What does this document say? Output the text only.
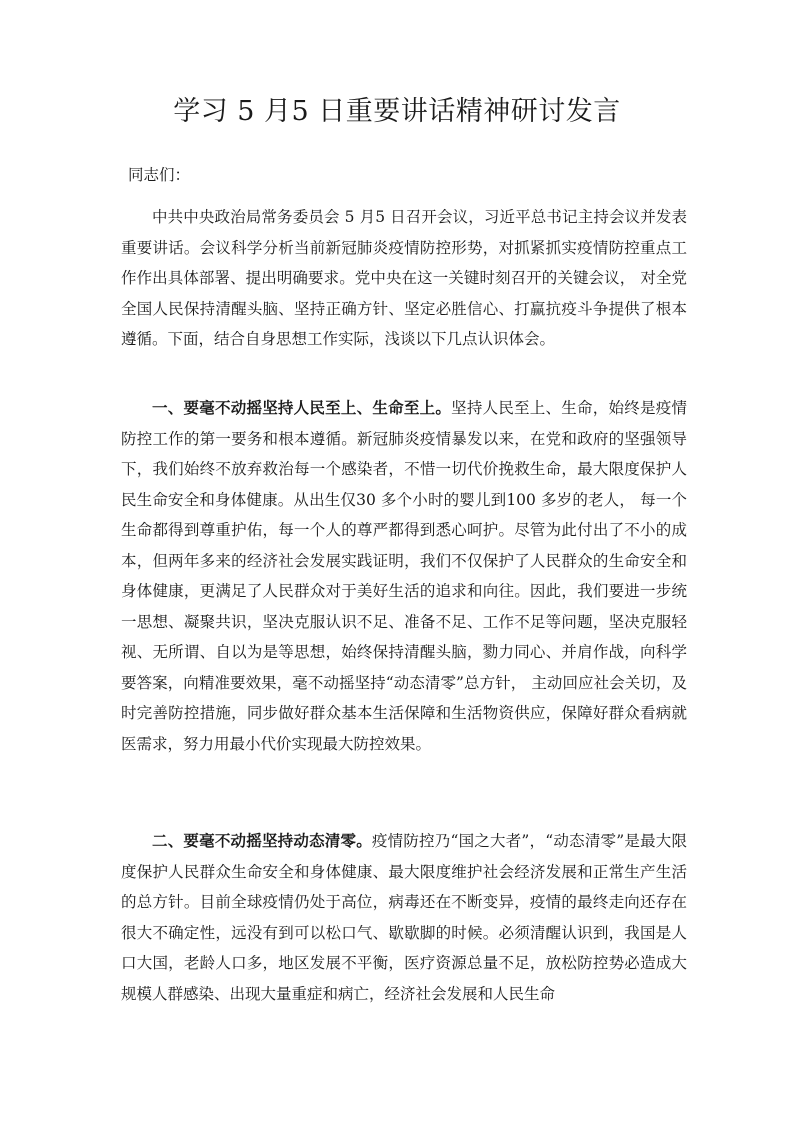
学习 5 月5 日重要讲话精神研讨发言
同志们：

中共中央政治局常务委员会 5 月5 日召开会议，习近平总书记主持会议并发表重要讲话。会议科学分析当前新冠肺炎疫情防控形势，对抓紧抓实疫情防控重点工作作出具体部署、提出明确要求。党中央在这一关键时刻召开的关键会议， 对全党全国人民保持清醒头脑、坚持正确方针、坚定必胜信心、打赢抗疫斗争提供了根本遵循。下面，结合自身思想工作实际，浅谈以下几点认识体会。

一、要毫不动摇坚持人民至上、生命至上。坚持人民至上、生命，始终是疫情防控工作的第一要务和根本遵循。新冠肺炎疫情暴发以来，在党和政府的坚强领导下，我们始终不放弃救治每一个感染者，不惜一切代价挽救生命，最大限度保护人民生命安全和身体健康。从出生仅30 多个小时的婴儿到100 多岁的老人， 每一个生命都得到尊重护佑，每一个人的尊严都得到悉心呵护。尽管为此付出了不小的成本，但两年多来的经济社会发展实践证明，我们不仅保护了人民群众的生命安全和身体健康，更满足了人民群众对于美好生活的追求和向往。因此，我们要进一步统一思想、凝聚共识，坚决克服认识不足、准备不足、工作不足等问题，坚决克服轻视、无所谓、自以为是等思想，始终保持清醒头脑，勠力同心、并肩作战，向科学要答案，向精准要效果，毫不动摇坚持“动态清零”总方针， 主动回应社会关切，及时完善防控措施，同步做好群众基本生活保障和生活物资供应，保障好群众看病就医需求，努力用最小代价实现最大防控效果。

二、要毫不动摇坚持动态清零。疫情防控乃“国之大者”，“动态清零”是最大限度保护人民群众生命安全和身体健康、最大限度维护社会经济发展和正常生产生活的总方针。目前全球疫情仍处于高位，病毒还在不断变异，疫情的最终走向还存在很大不确定性，远没有到可以松口气、歇歇脚的时候。必须清醒认识到，我国是人口大国，老龄人口多，地区发展不平衡，医疗资源总量不足，放松防控势必造成大规模人群感染、出现大量重症和病亡，经济社会发展和人民生命
